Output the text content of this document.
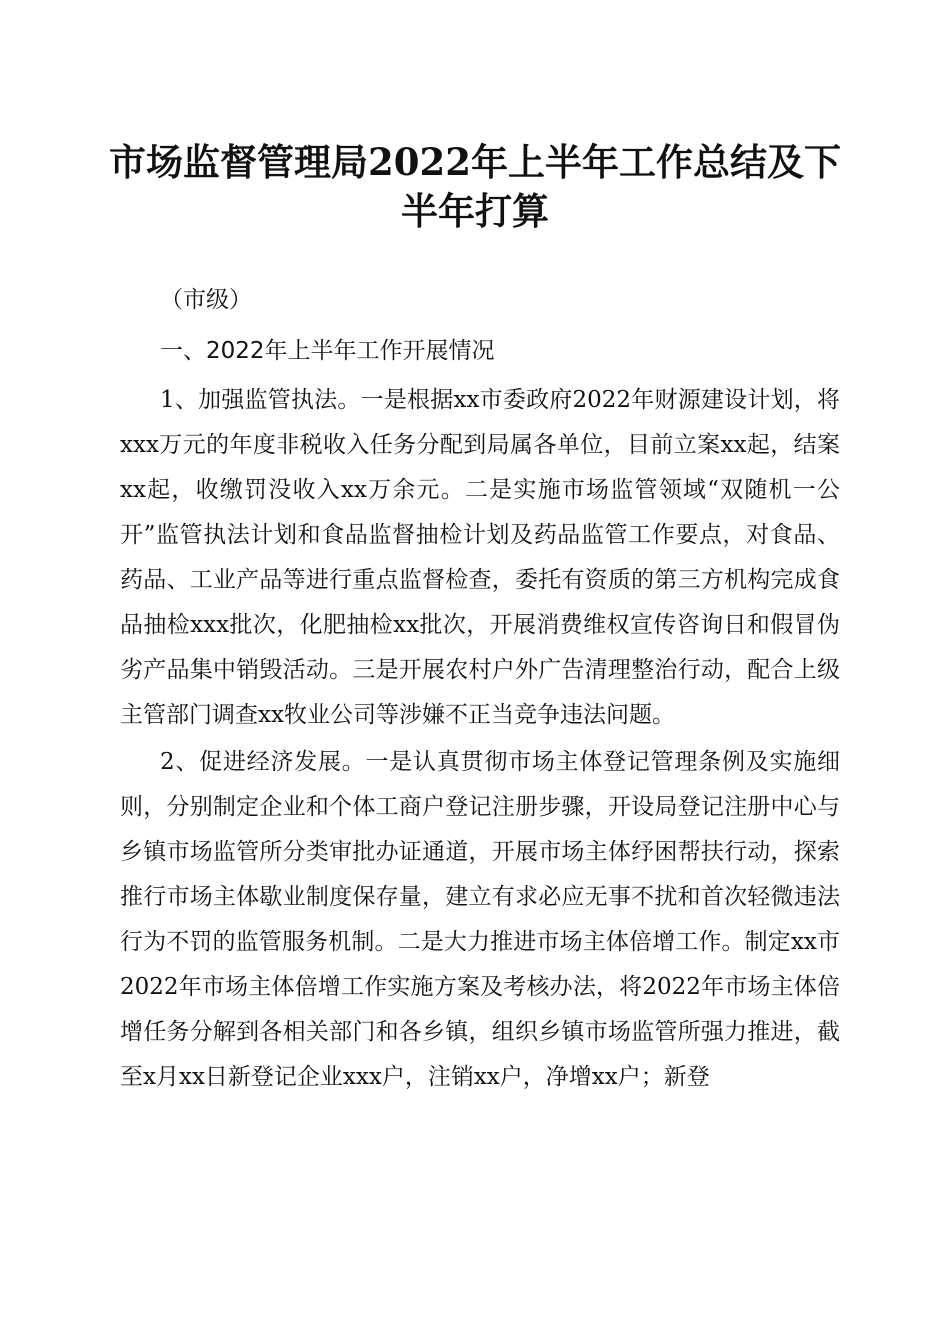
市场监督管理局2022年上半年工作总结及下
半年打算

（市级）

一、2022年上半年工作开展情况

1、加强监管执法。一是根据xx市委政府2022年财源建设计划，将xxx万元的年度非税收入任务分配到局属各单位，目前立案xx起，结案xx起，收缴罚没收入xx万余元。二是实施市场监管领域“双随机一公开”监管执法计划和食品监督抽检计划及药品监管工作要点，对食品、药品、工业产品等进行重点监督检查，委托有资质的第三方机构完成食品抽检xxx批次，化肥抽检xx批次，开展消费维权宣传咨询日和假冒伪劣产品集中销毁活动。三是开展农村户外广告清理整治行动，配合上级主管部门调查xx牧业公司等涉嫌不正当竞争违法问题。

2、促进经济发展。一是认真贯彻市场主体登记管理条例及实施细则，分别制定企业和个体工商户登记注册步骤，开设局登记注册中心与乡镇市场监管所分类审批办证通道，开展市场主体纾困帮扶行动，探索推行市场主体歇业制度保存量，建立有求必应无事不扰和首次轻微违法行为不罚的监管服务机制。二是大力推进市场主体倍增工作。制定xx市2022年市场主体倍增工作实施方案及考核办法，将2022年市场主体倍增任务分解到各相关部门和各乡镇，组织乡镇市场监管所强力推进，截至x月xx日新登记企业xxx户，注销xx户，净增xx户；新登
